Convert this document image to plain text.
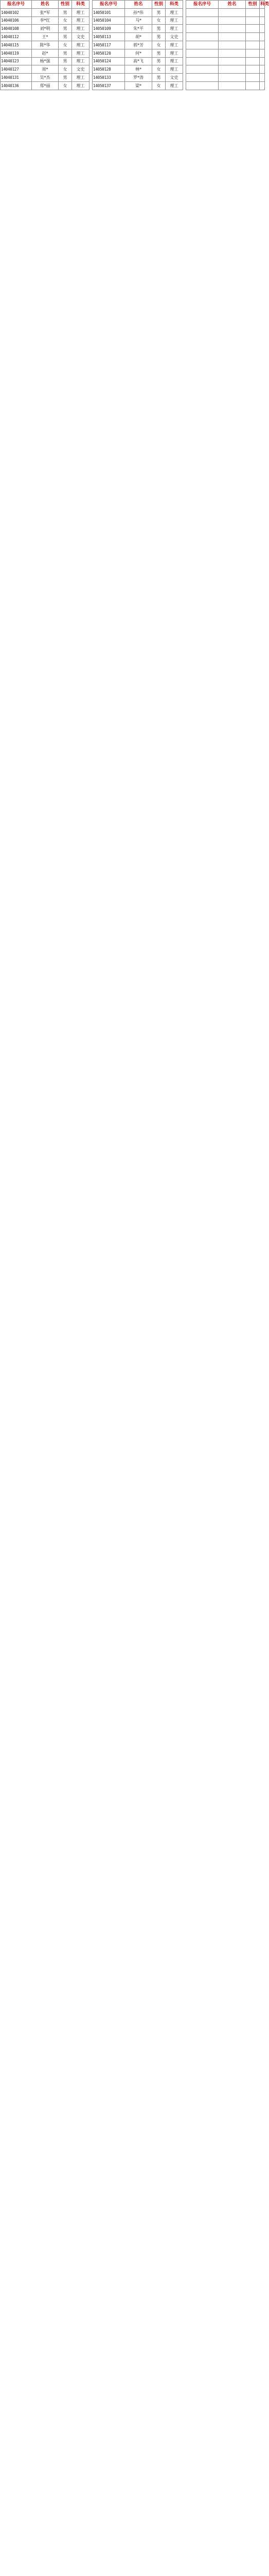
报名序号	姓名	性别	科类		报名序号	姓名	性别	科类		报名序号	姓名	性别	科类
14040102	张*军	男	理工		14050101	孙*伟	男	理工					
14040106	李*红	女	理工		14050104	马*	女	理工					
14040108	刘*明	男	理工		14050109	朱*平	男	理工					
14040112	王*	男	文史		14050113	胡*	男	文史					
14040115	陈*华	女	理工		14050117	郭*芳	女	理工					
14040119	赵*	男	理工		14050120	何*	男	理工					
14040123	杨*强	男	理工		14050124	高*飞	男	理工					
14040127	周*	女	文史		14050128	林*	女	理工					
14040131	吴*杰	男	理工		14050133	罗*涛	男	文史					
14040136	郑*丽	女	理工		14050137	梁*	女	理工					
